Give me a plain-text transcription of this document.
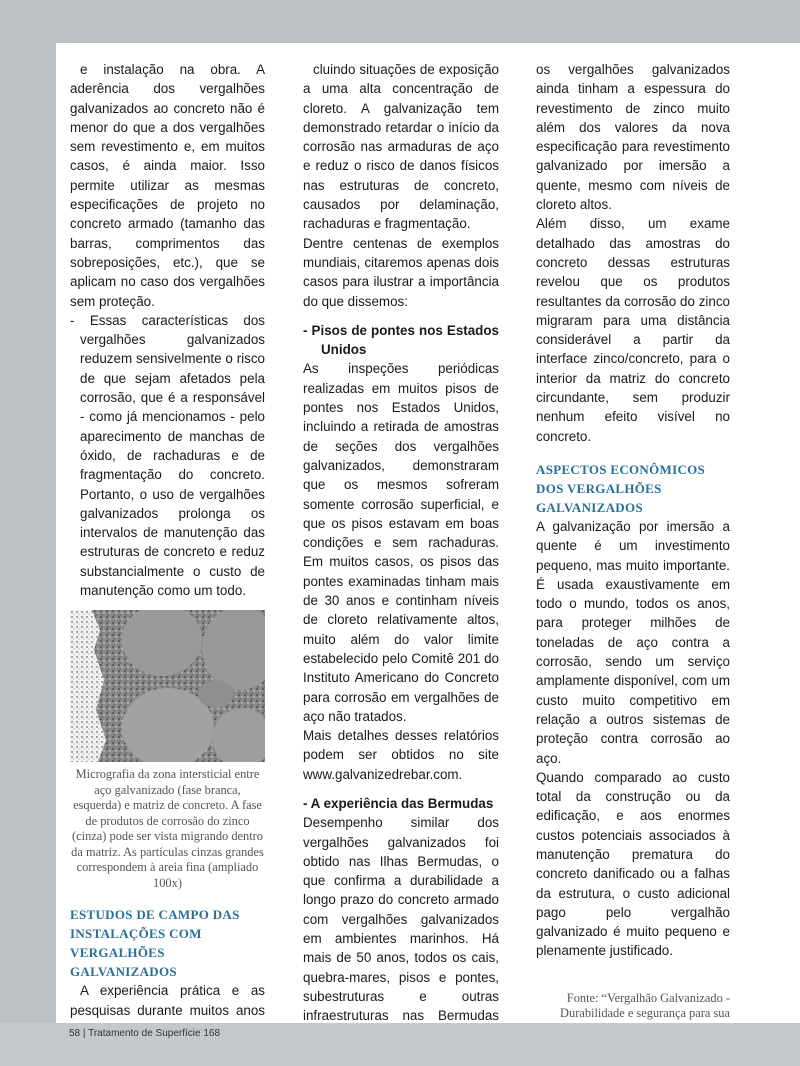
e instalação na obra. A aderência dos vergalhões galvanizados ao concreto não é menor do que a dos vergalhões sem revestimento e, em muitos casos, é ainda maior. Isso permite utilizar as mesmas especificações de projeto no concreto armado (tamanho das barras, comprimentos das sobreposições, etc.), que se aplicam no caso dos vergalhões sem proteção.

- Essas características dos vergalhões galvanizados reduzem sensivelmente o risco de que sejam afetados pela corrosão, que é a responsável - como já mencionamos - pelo aparecimento de manchas de óxido, de rachaduras e de fragmentação do concreto. Portanto, o uso de vergalhões galvanizados prolonga os intervalos de manutenção das estruturas de concreto e reduz substancialmente o custo de manutenção como um todo.

Micrografia da zona intersticial entre aço galvanizado (fase branca, esquerda) e matriz de concreto. A fase de produtos de corrosão do zinco (cinza) pode ser vista migrando dentro da matriz. As partículas cinzas grandes correspondem à areia fina (ampliado 100x)

ESTUDOS DE CAMPO DAS INSTALAÇÕES COM VERGALHÕES GALVANIZADOS

A experiência prática e as pesquisas durante muitos anos

cluindo situações de exposição a uma alta concentração de cloreto. A galvanização tem demonstrado retardar o início da corrosão nas armaduras de aço e reduz o risco de danos físicos nas estruturas de concreto, causados por delaminação, rachaduras e fragmentação.

Dentre centenas de exemplos mundiais, citaremos apenas dois casos para ilustrar a importância do que dissemos:

- Pisos de pontes nos Estados Unidos

As inspeções periódicas realizadas em muitos pisos de pontes nos Estados Unidos, incluindo a retirada de amostras de seções dos vergalhões galvanizados, demonstraram que os mesmos sofreram somente corrosão superficial, e que os pisos estavam em boas condições e sem rachaduras. Em muitos casos, os pisos das pontes examinadas tinham mais de 30 anos e continham níveis de cloreto relativamente altos, muito além do valor limite estabelecido pelo Comitê 201 do Instituto Americano do Concreto para corrosão em vergalhões de aço não tratados.

Mais detalhes desses relatórios podem ser obtidos no site www.galvanizedrebar.com.

- A experiência das Bermudas

Desempenho similar dos vergalhões galvanizados foi obtido nas Ilhas Bermudas, o que confirma a durabilidade a longo prazo do concreto armado com vergalhões galvanizados em ambientes marinhos. Há mais de 50 anos, todos os cais, quebra-mares, pisos e pontes, subestruturas e outras infraestruturas nas Bermudas

os vergalhões galvanizados ainda tinham a espessura do revestimento de zinco muito além dos valores da nova especificação para revestimento galvanizado por imersão a quente, mesmo com níveis de cloreto altos.

Além disso, um exame detalhado das amostras do concreto dessas estruturas revelou que os produtos resultantes da corrosão do zinco migraram para uma distância considerável a partir da interface zinco/concreto, para o interior da matriz do concreto circundante, sem produzir nenhum efeito visível no concreto.

ASPECTOS ECONÔMICOS DOS VERGALHÕES GALVANIZADOS

A galvanização por imersão a quente é um investimento pequeno, mas muito importante. É usada exaustivamente em todo o mundo, todos os anos, para proteger milhões de toneladas de aço contra a corrosão, sendo um serviço amplamente disponível, com um custo muito competitivo em relação a outros sistemas de proteção contra corrosão ao aço.

Quando comparado ao custo total da construção ou da edificação, e aos enormes custos potenciais associados à manutenção prematura do concreto danificado ou a falhas da estrutura, o custo adicional pago pelo vergalhão galvanizado é muito pequeno e plenamente justificado.

Fonte: “Vergalhão Galvanizado - Durabilidade e segurança para sua

58 | Tratamento de Superfície 168
